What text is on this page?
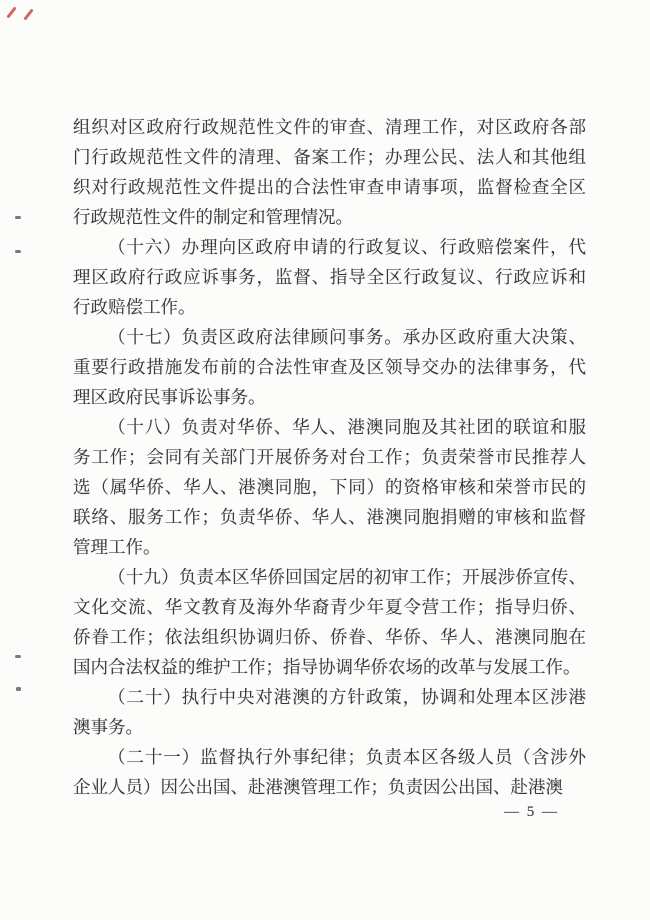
组织对区政府行政规范性文件的审查、清理工作，对区政府各部
门行政规范性文件的清理、备案工作；办理公民、法人和其他组
织对行政规范性文件提出的合法性审查申请事项，监督检查全区
行政规范性文件的制定和管理情况。
（十六）办理向区政府申请的行政复议、行政赔偿案件，代
理区政府行政应诉事务，监督、指导全区行政复议、行政应诉和
行政赔偿工作。
（十七）负责区政府法律顾问事务。承办区政府重大决策、
重要行政措施发布前的合法性审查及区领导交办的法律事务，代
理区政府民事诉讼事务。
（十八）负责对华侨、华人、港澳同胞及其社团的联谊和服
务工作；会同有关部门开展侨务对台工作；负责荣誉市民推荐人
选（属华侨、华人、港澳同胞，下同）的资格审核和荣誉市民的
联络、服务工作；负责华侨、华人、港澳同胞捐赠的审核和监督
管理工作。
（十九）负责本区华侨回国定居的初审工作；开展涉侨宣传、
文化交流、华文教育及海外华裔青少年夏令营工作；指导归侨、
侨眷工作；依法组织协调归侨、侨眷、华侨、华人、港澳同胞在
国内合法权益的维护工作；指导协调华侨农场的改革与发展工作。
（二十）执行中央对港澳的方针政策，协调和处理本区涉港
澳事务。
（二十一）监督执行外事纪律；负责本区各级人员（含涉外
企业人员）因公出国、赴港澳管理工作；负责因公出国、赴港澳
— 5 —
